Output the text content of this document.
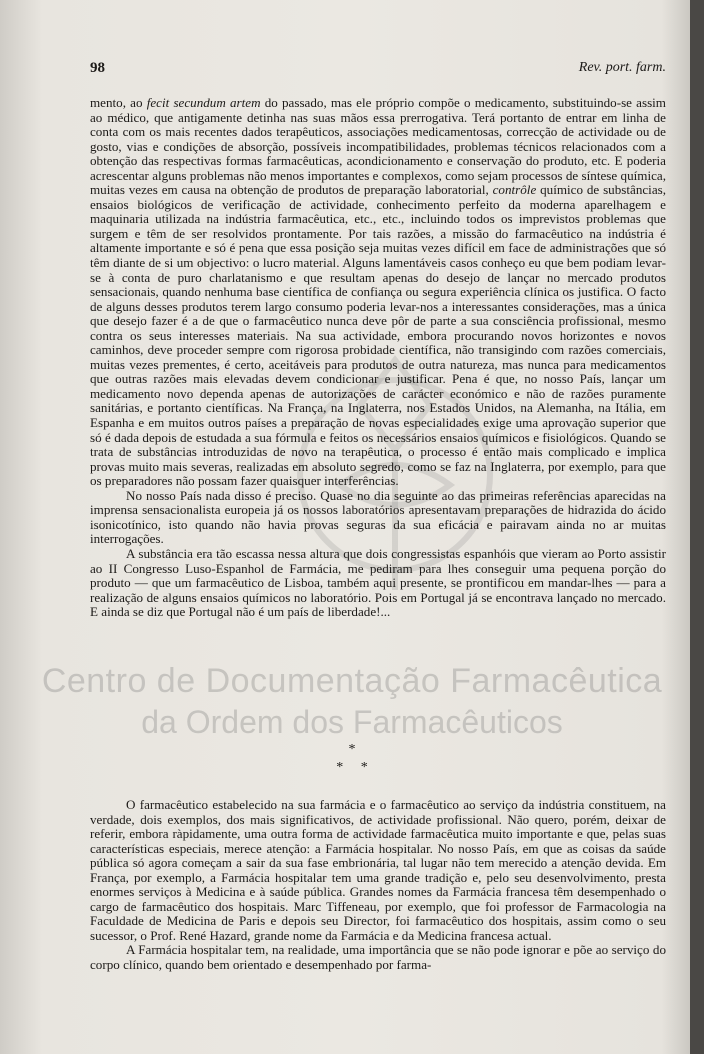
98	Rev. port. farm.

mento, ao fecit secundum artem do passado, mas ele próprio compõe o medicamento, substituindo-se assim ao médico, que antigamente detinha nas suas mãos essa prerrogativa. Terá portanto de entrar em linha de conta com os mais recentes dados terapêuticos, associações medicamentosas, correcção de actividade ou de gosto, vias e condições de absorção, possíveis incompatibilidades, problemas técnicos relacionados com a obtenção das respectivas formas farmacêuticas, acondicionamento e conservação do produto, etc. E poderia acrescentar alguns problemas não menos importantes e complexos, como sejam processos de síntese química, muitas vezes em causa na obtenção de produtos de preparação laboratorial, contrôle químico de substâncias, ensaios biológicos de verificação de actividade, conhecimento perfeito da moderna aparelhagem e maquinaria utilizada na indústria farmacêutica, etc., etc., incluindo todos os imprevistos problemas que surgem e têm de ser resolvidos prontamente. Por tais razões, a missão do farmacêutico na indústria é altamente importante e só é pena que essa posição seja muitas vezes difícil em face de administrações que só têm diante de si um objectivo: o lucro material. Alguns lamentáveis casos conheço eu que bem podiam levar-se à conta de puro charlatanismo e que resultam apenas do desejo de lançar no mercado produtos sensacionais, quando nenhuma base científica de confiança ou segura experiência clínica os justifica. O facto de alguns desses produtos terem largo consumo poderia levar-nos a interessantes considerações, mas a única que desejo fazer é a de que o farmacêutico nunca deve pôr de parte a sua consciência profissional, mesmo contra os seus interesses materiais. Na sua actividade, embora procurando novos horizontes e novos caminhos, deve proceder sempre com rigorosa probidade científica, não transigindo com razões comerciais, muitas vezes prementes, é certo, aceitáveis para produtos de outra natureza, mas nunca para medicamentos que outras razões mais elevadas devem condicionar e justificar. Pena é que, no nosso País, lançar um medicamento novo dependa apenas de autorizações de carácter económico e não de razões puramente sanitárias, e portanto científicas. Na França, na Inglaterra, nos Estados Unidos, na Alemanha, na Itália, em Espanha e em muitos outros países a preparação de novas especialidades exige uma aprovação superior que só é dada depois de estudada a sua fórmula e feitos os necessários ensaios químicos e fisiológicos. Quando se trata de substâncias introduzidas de novo na terapêutica, o processo é então mais complicado e implica provas muito mais severas, realizadas em absoluto segredo, como se faz na Inglaterra, por exemplo, para que os preparadores não possam fazer quaisquer interferências.

No nosso País nada disso é preciso. Quase no dia seguinte ao das primeiras referências aparecidas na imprensa sensacionalista europeia já os nossos laboratórios apresentavam preparações de hidrazida do ácido isonicotínico, isto quando não havia provas seguras da sua eficácia e pairavam ainda no ar muitas interrogações.

A substância era tão escassa nessa altura que dois congressistas espanhóis que vieram ao Porto assistir ao II Congresso Luso-Espanhol de Farmácia, me pediram para lhes conseguir uma pequena porção do produto — que um farmacêutico de Lisboa, também aqui presente, se prontificou em mandar-lhes — para a realização de alguns ensaios químicos no laboratório. Pois em Portugal já se encontrava lançado no mercado. E ainda se diz que Portugal não é um país de liberdade!...

*
*     *

O farmacêutico estabelecido na sua farmácia e o farmacêutico ao serviço da indústria constituem, na verdade, dois exemplos, dos mais significativos, de actividade profissional. Não quero, porém, deixar de referir, embora ràpidamente, uma outra forma de actividade farmacêutica muito importante e que, pelas suas características especiais, merece atenção: a Farmácia hospitalar. No nosso País, em que as coisas da saúde pública só agora começam a sair da sua fase embrionária, tal lugar não tem merecido a atenção devida. Em França, por exemplo, a Farmácia hospitalar tem uma grande tradição e, pelo seu desenvolvimento, presta enormes serviços à Medicina e à saúde pública. Grandes nomes da Farmácia francesa têm desempenhado o cargo de farmacêutico dos hospitais. Marc Tiffeneau, por exemplo, que foi professor de Farmacologia na Faculdade de Medicina de Paris e depois seu Director, foi farmacêutico dos hospitais, assim como o seu sucessor, o Prof. René Hazard, grande nome da Farmácia e da Medicina francesa actual.

A Farmácia hospitalar tem, na realidade, uma importância que se não pode ignorar e põe ao serviço do corpo clínico, quando bem orientado e desempenhado por farma-

Centro de Documentação Farmacêutica
da Ordem dos Farmacêuticos
